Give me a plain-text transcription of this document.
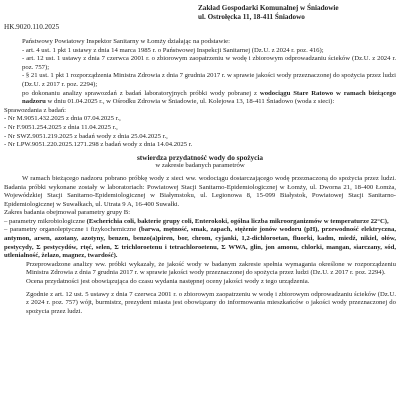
Zakład Gospodarki Komunalnej w Śniadowie
ul. Ostrołęcka 11, 18-411 Śniadowo
HK.9020.110.2025

Państwowy Powiatowy Inspektor Sanitarny w Łomży działając na podstawie:

- art. 4 ust. 1 pkt 1 ustawy z dnia 14 marca 1985 r. o Państwowej Inspekcji Sanitarnej (Dz.U. z 2024 r. poz. 416);

- art. 12 ust. 1 ustawy z dnia 7 czerwca 2001 r. o zbiorowym zaopatrzeniu w wodę i zbiorowym odprowadzaniu ścieków (Dz.U. z 2024 r. poz. 757);

- § 21 ust. 1 pkt 1 rozporządzenia Ministra Zdrowia z dnia 7 grudnia 2017 r. w sprawie jakości wody przeznaczonej do spożycia przez ludzi (Dz.U. z 2017 r. poz. 2294);

po dokonaniu analizy sprawozdań z badań laboratoryjnych próbki wody pobranej z wodociągu Stare Ratowo w ramach bieżącego nadzoru w dniu 01.04.2025 r., w Ośrodku Zdrowia w Śniadowie, ul. Kolejowa 13, 18-411 Śniadowo (woda z sieci):

Sprawozdania z badań:

- Nr M.9051.432.2025 z dnia 07.04.2025 r.,

- Nr F.9051.254.2025 z dnia 11.04.2025 r.,

- Nr SWZ.9051.219.2025 z badań wody z dnia 25.04.2025 r.,

- Nr LPW.9051.220.2025.1271.298 z badań wody z dnia 14.04.2025 r.

stwierdza przydatność wody do spożycia

w zakresie badanych parametrów

W ramach bieżącego nadzoru pobrano próbkę wody z sieci ww. wodociągu dostarczającego wodę przeznaczoną do spożycia przez ludzi. Badania próbki wykonane zostały w laboratoriach: Powiatowej Stacji Sanitarno-Epidemiologicznej w Łomży, ul. Dworna 21, 18-400 Łomża, Wojewódzkiej Stacji Sanitarno-Epidemiologicznej w Białymstoku, ul. Legionowa 8, 15-099 Białystok, Powiatowej Stacji Sanitarno-Epidemiologicznej w Suwałkach, ul. Utrata 9 A, 16-400 Suwałki.

Zakres badania obejmował parametry grupy B:

– parametry mikrobiologiczne (Escherichia coli, bakterie grupy coli, Enterokoki, ogólna liczba mikroorganizmów w temperaturze 22°C),

– parametry organoleptyczne i fizykochemiczne (barwa, mętność, smak, zapach, stężenie jonów wodoru (pH), przewodność elektryczna, antymon, arsen, azotany, azotyny, benzen, benzo(a)piren, bor, chrom, cyjanki, 1,2-dichloroetan, fluorki, kadm, miedź, nikiel, ołów, pestycydy, Σ pestycydów, rtęć, selen, Σ trichloroetenu i tetrachloroetenu, Σ WWA, glin, jon amonu, chlorki, mangan, siarczany, sód, utlenialność, żelazo, magnez, twardość).

Przeprowadzone analizy ww. próbki wykazały, że jakość wody w badanym zakresie spełnia wymagania określone w rozporządzeniu Ministra Zdrowia z dnia 7 grudnia 2017 r. w sprawie jakości wody przeznaczonej do spożycia przez ludzi (Dz.U. z 2017 r. poz. 2294).

Ocena przydatności jest obowiązująca do czasu wydania następnej oceny jakości wody z tego urządzenia.

Zgodnie z art. 12 ust. 5 ustawy z dnia 7 czerwca 2001 r. o zbiorowym zaopatrzeniu w wodę i zbiorowym odprowadzaniu ścieków (Dz.U. z 2024 r. poz. 757) wójt, burmistrz, prezydent miasta jest obowiązany do informowania mieszkańców o jakości wody przeznaczonej do spożycia przez ludzi.
